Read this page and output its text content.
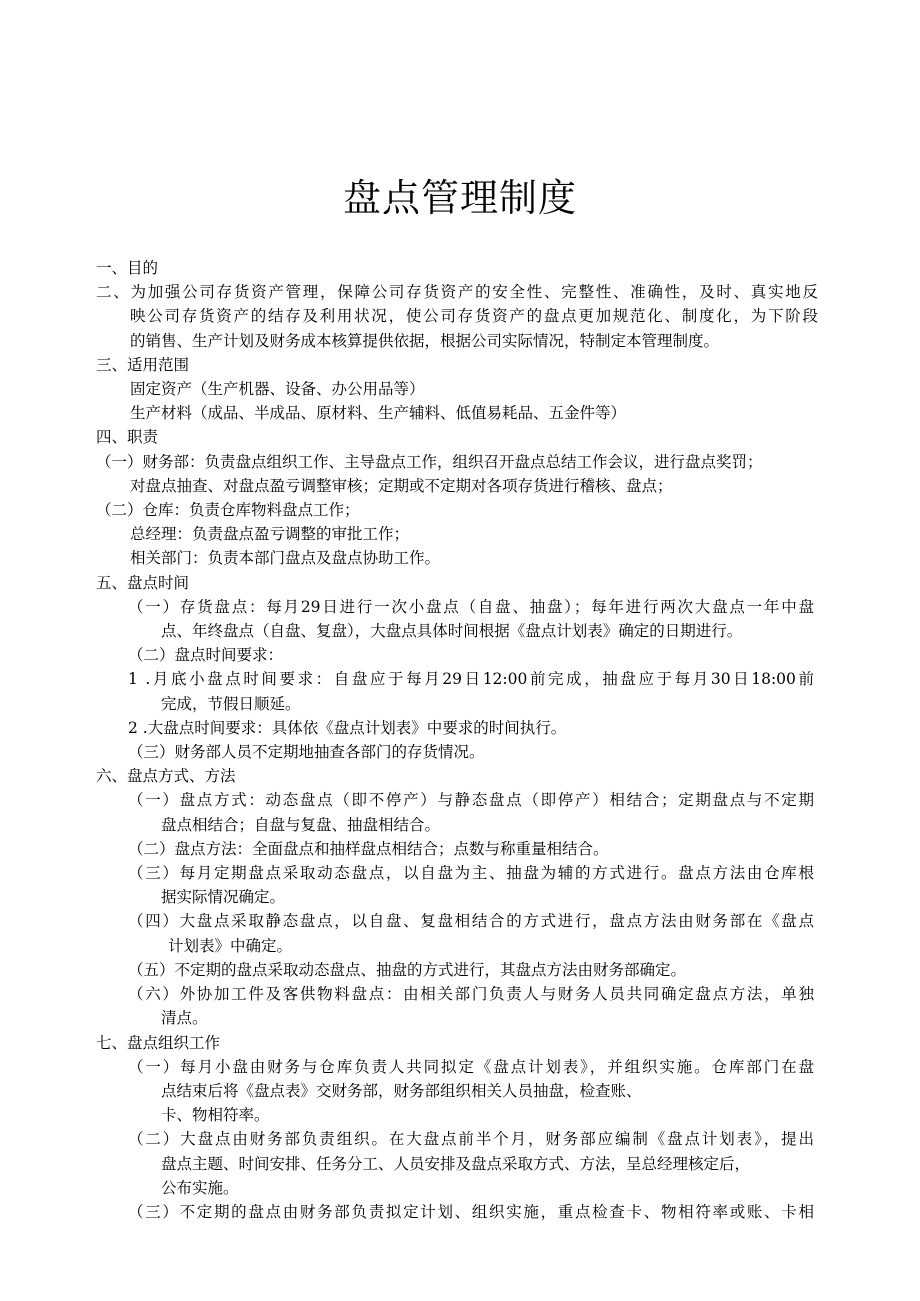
盘点管理制度
一、目的
二、为加强公司存货资产管理，保障公司存货资产的安全性、完整性、准确性，及时、真实地反
映公司存货资产的结存及利用状况，使公司存货资产的盘点更加规范化、制度化，为下阶段
的销售、生产计划及财务成本核算提供依据，根据公司实际情况，特制定本管理制度。
三、适用范围
固定资产（生产机器、设备、办公用品等）
生产材料（成品、半成品、原材料、生产辅料、低值易耗品、五金件等）
四、职责
（一）财务部：负责盘点组织工作、主导盘点工作，组织召开盘点总结工作会议，进行盘点奖罚；
对盘点抽查、对盘点盈亏调整审核；定期或不定期对各项存货进行稽核、盘点；
（二）仓库：负责仓库物料盘点工作；
总经理：负责盘点盈亏调整的审批工作；
相关部门：负责本部门盘点及盘点协助工作。
五、盘点时间
（一）存货盘点：每月29日进行一次小盘点（自盘、抽盘）；每年进行两次大盘点一年中盘
点、年终盘点（自盘、复盘），大盘点具体时间根据《盘点计划表》确定的日期进行。
（二）盘点时间要求：
1 .月底小盘点时间要求：自盘应于每月29日12:00前完成，抽盘应于每月30日18:00前
完成，节假日顺延。
2 .大盘点时间要求：具体依《盘点计划表》中要求的时间执行。
（三）财务部人员不定期地抽查各部门的存货情况。
六、盘点方式、方法
（一）盘点方式：动态盘点（即不停产）与静态盘点（即停产）相结合；定期盘点与不定期
盘点相结合；自盘与复盘、抽盘相结合。
（二）盘点方法：全面盘点和抽样盘点相结合；点数与称重量相结合。
（三）每月定期盘点采取动态盘点，以自盘为主、抽盘为辅的方式进行。盘点方法由仓库根
据实际情况确定。
（四）大盘点采取静态盘点，以自盘、复盘相结合的方式进行，盘点方法由财务部在《盘点
计划表》中确定。
（五）不定期的盘点采取动态盘点、抽盘的方式进行，其盘点方法由财务部确定。
（六）外协加工件及客供物料盘点：由相关部门负责人与财务人员共同确定盘点方法，单独
清点。
七、盘点组织工作
（一）每月小盘由财务与仓库负责人共同拟定《盘点计划表》，并组织实施。仓库部门在盘
点结束后将《盘点表》交财务部，财务部组织相关人员抽盘，检查账、
卡、物相符率。
（二）大盘点由财务部负责组织。在大盘点前半个月，财务部应编制《盘点计划表》，提出
盘点主题、时间安排、任务分工、人员安排及盘点采取方式、方法，呈总经理核定后，
公布实施。
（三）不定期的盘点由财务部负责拟定计划、组织实施，重点检查卡、物相符率或账、卡相
